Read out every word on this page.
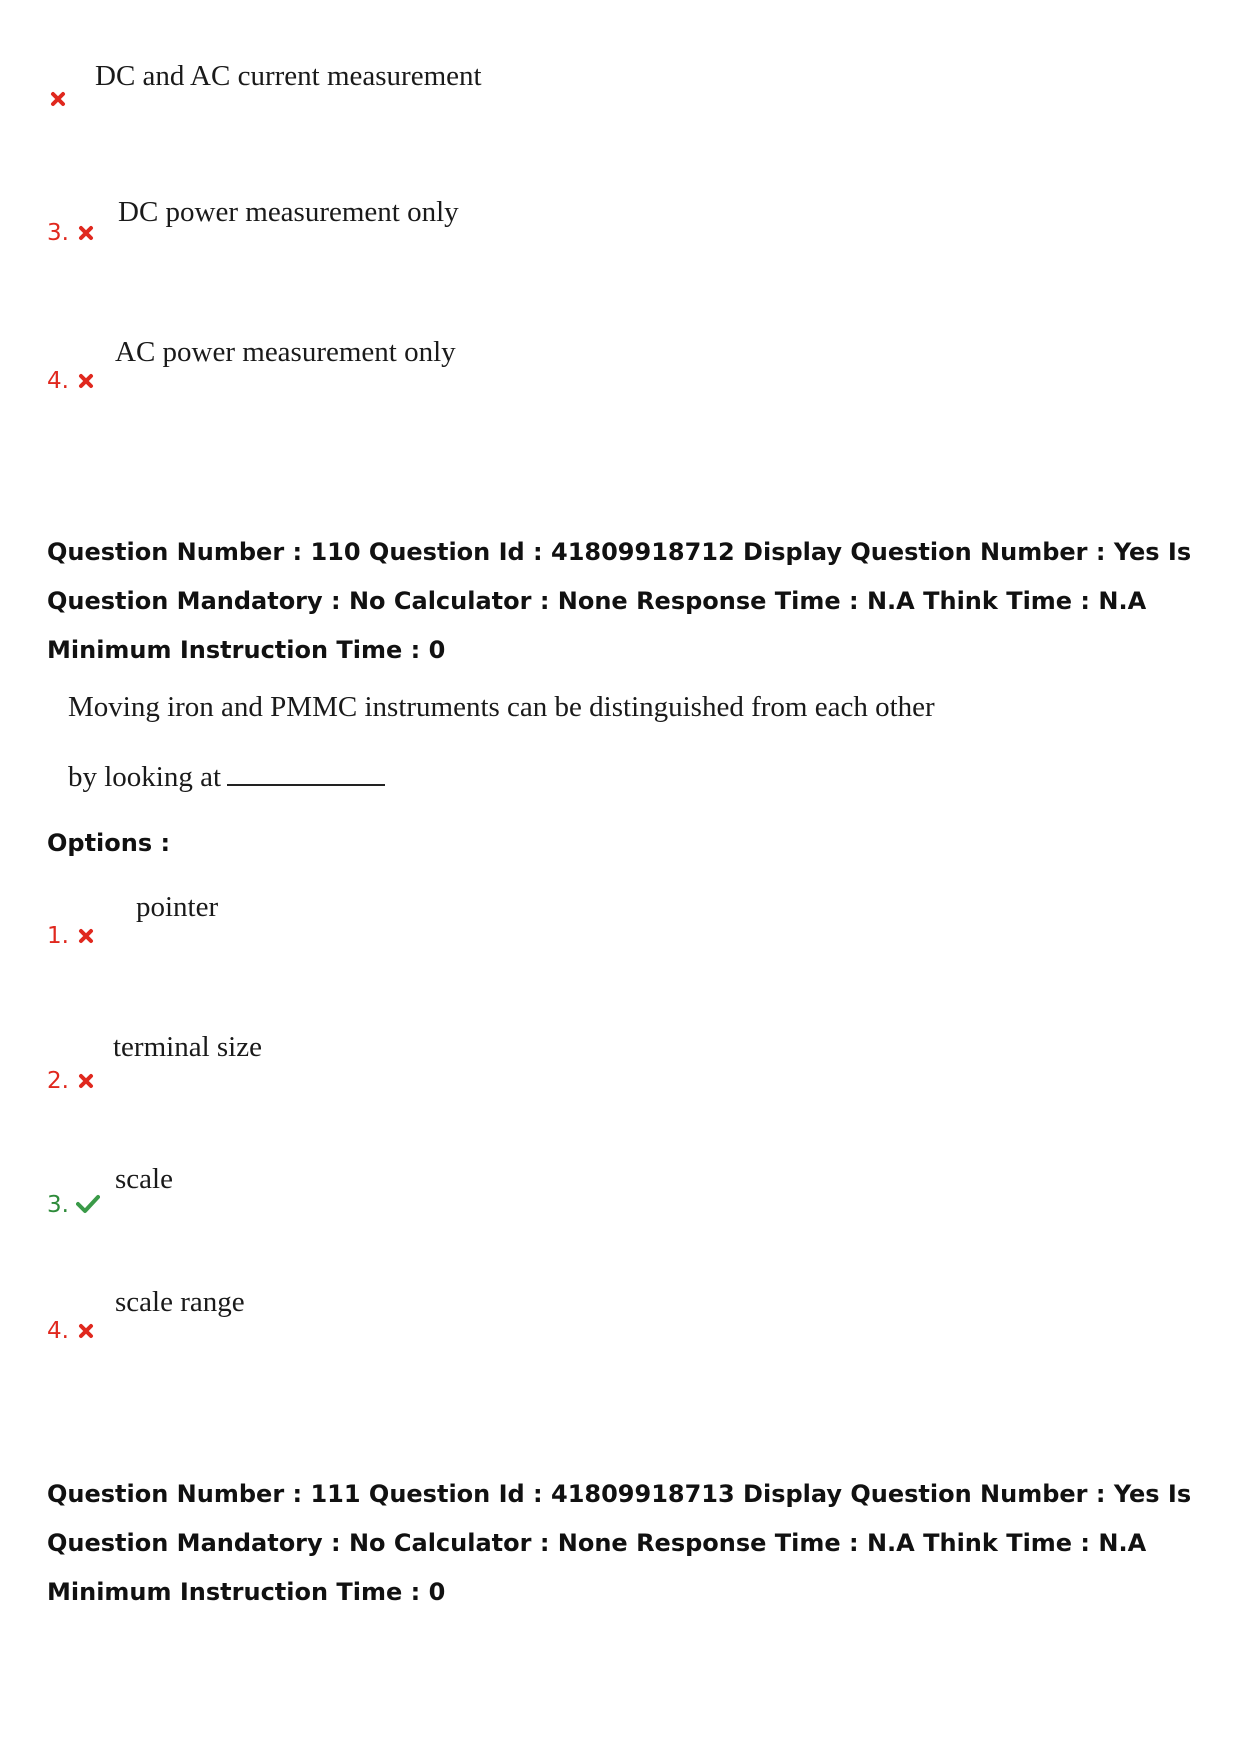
DC and AC current measurement
3.
DC power measurement only
4.
AC power measurement only
Question Number : 110 Question Id : 41809918712 Display Question Number : Yes Is Question Mandatory : No Calculator : None Response Time : N.A Think Time : N.A Minimum Instruction Time : 0
Moving iron and PMMC instruments can be distinguished from each other
by looking at
Options :
1.
pointer
2.
terminal size
3.
scale
4.
scale range
Question Number : 111 Question Id : 41809918713 Display Question Number : Yes Is Question Mandatory : No Calculator : None Response Time : N.A Think Time : N.A Minimum Instruction Time : 0
